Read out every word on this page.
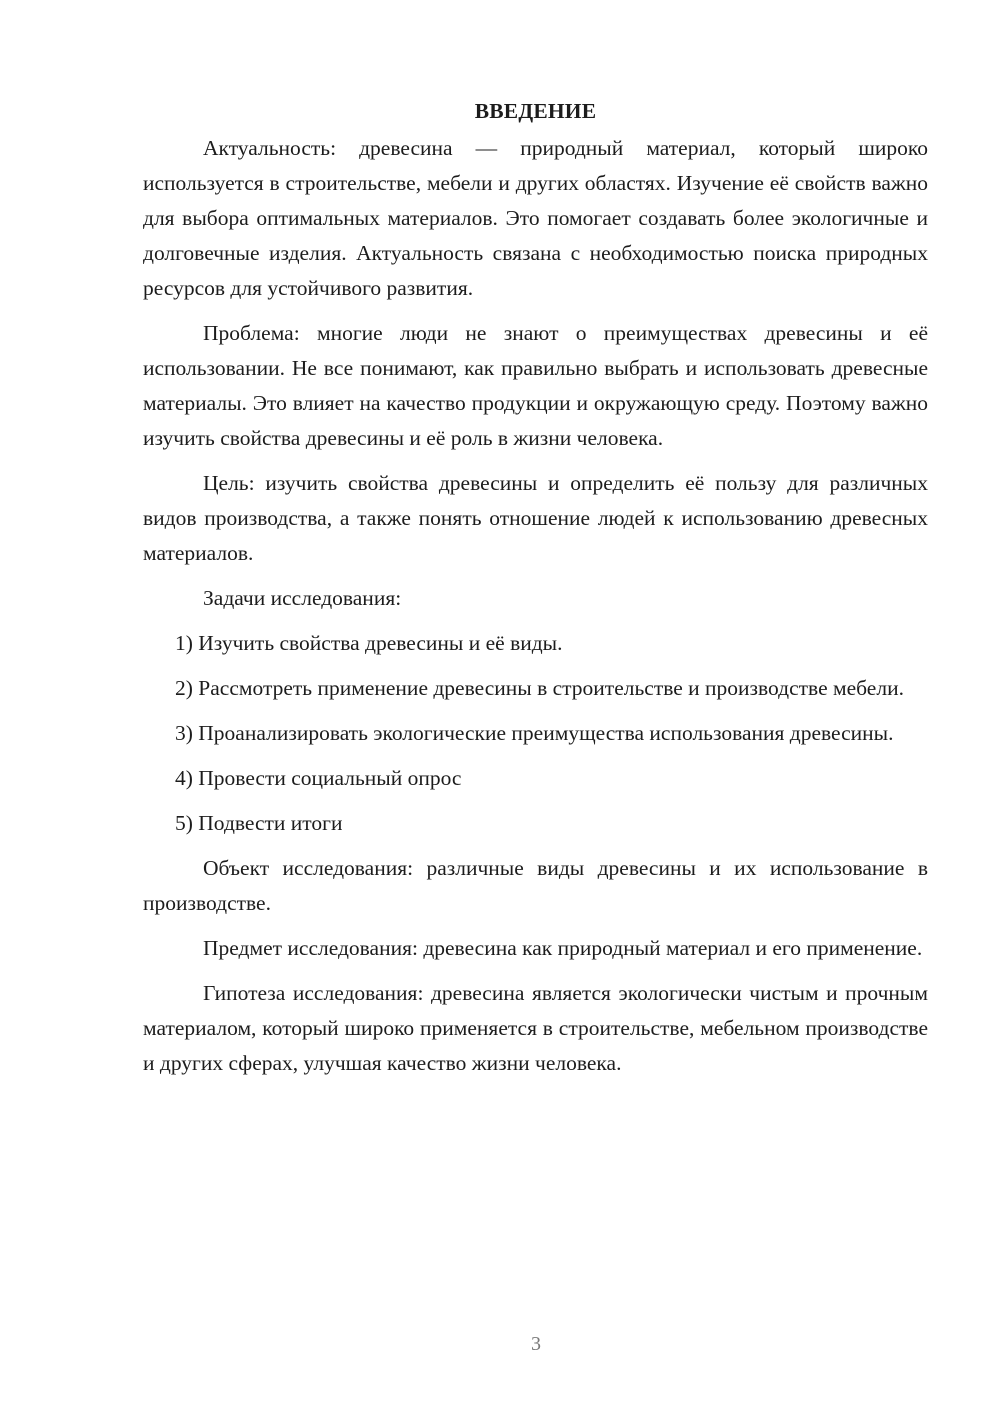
ВВЕДЕНИЕ

Актуальность: древесина — природный материал, который широко используется в строительстве, мебели и других областях. Изучение её свойств важно для выбора оптимальных материалов. Это помогает создавать более экологичные и долговечные изделия. Актуальность связана с необходимостью поиска природных ресурсов для устойчивого развития.

Проблема: многие люди не знают о преимуществах древесины и её использовании. Не все понимают, как правильно выбрать и использовать древесные материалы. Это влияет на качество продукции и окружающую среду. Поэтому важно изучить свойства древесины и её роль в жизни человека.

Цель: изучить свойства древесины и определить её пользу для различных видов производства, а также понять отношение людей к использованию древесных материалов.

Задачи исследования:

1) Изучить свойства древесины и её виды.

2) Рассмотреть применение древесины в строительстве и производстве мебели.

3) Проанализировать экологические преимущества использования древесины.

4) Провести социальный опрос

5) Подвести итоги

Объект исследования: различные виды древесины и их использование в производстве.

Предмет исследования: древесина как природный материал и его применение.

Гипотеза исследования: древесина является экологически чистым и прочным материалом, который широко применяется в строительстве, мебельном производстве и других сферах, улучшая качество жизни человека.

3
